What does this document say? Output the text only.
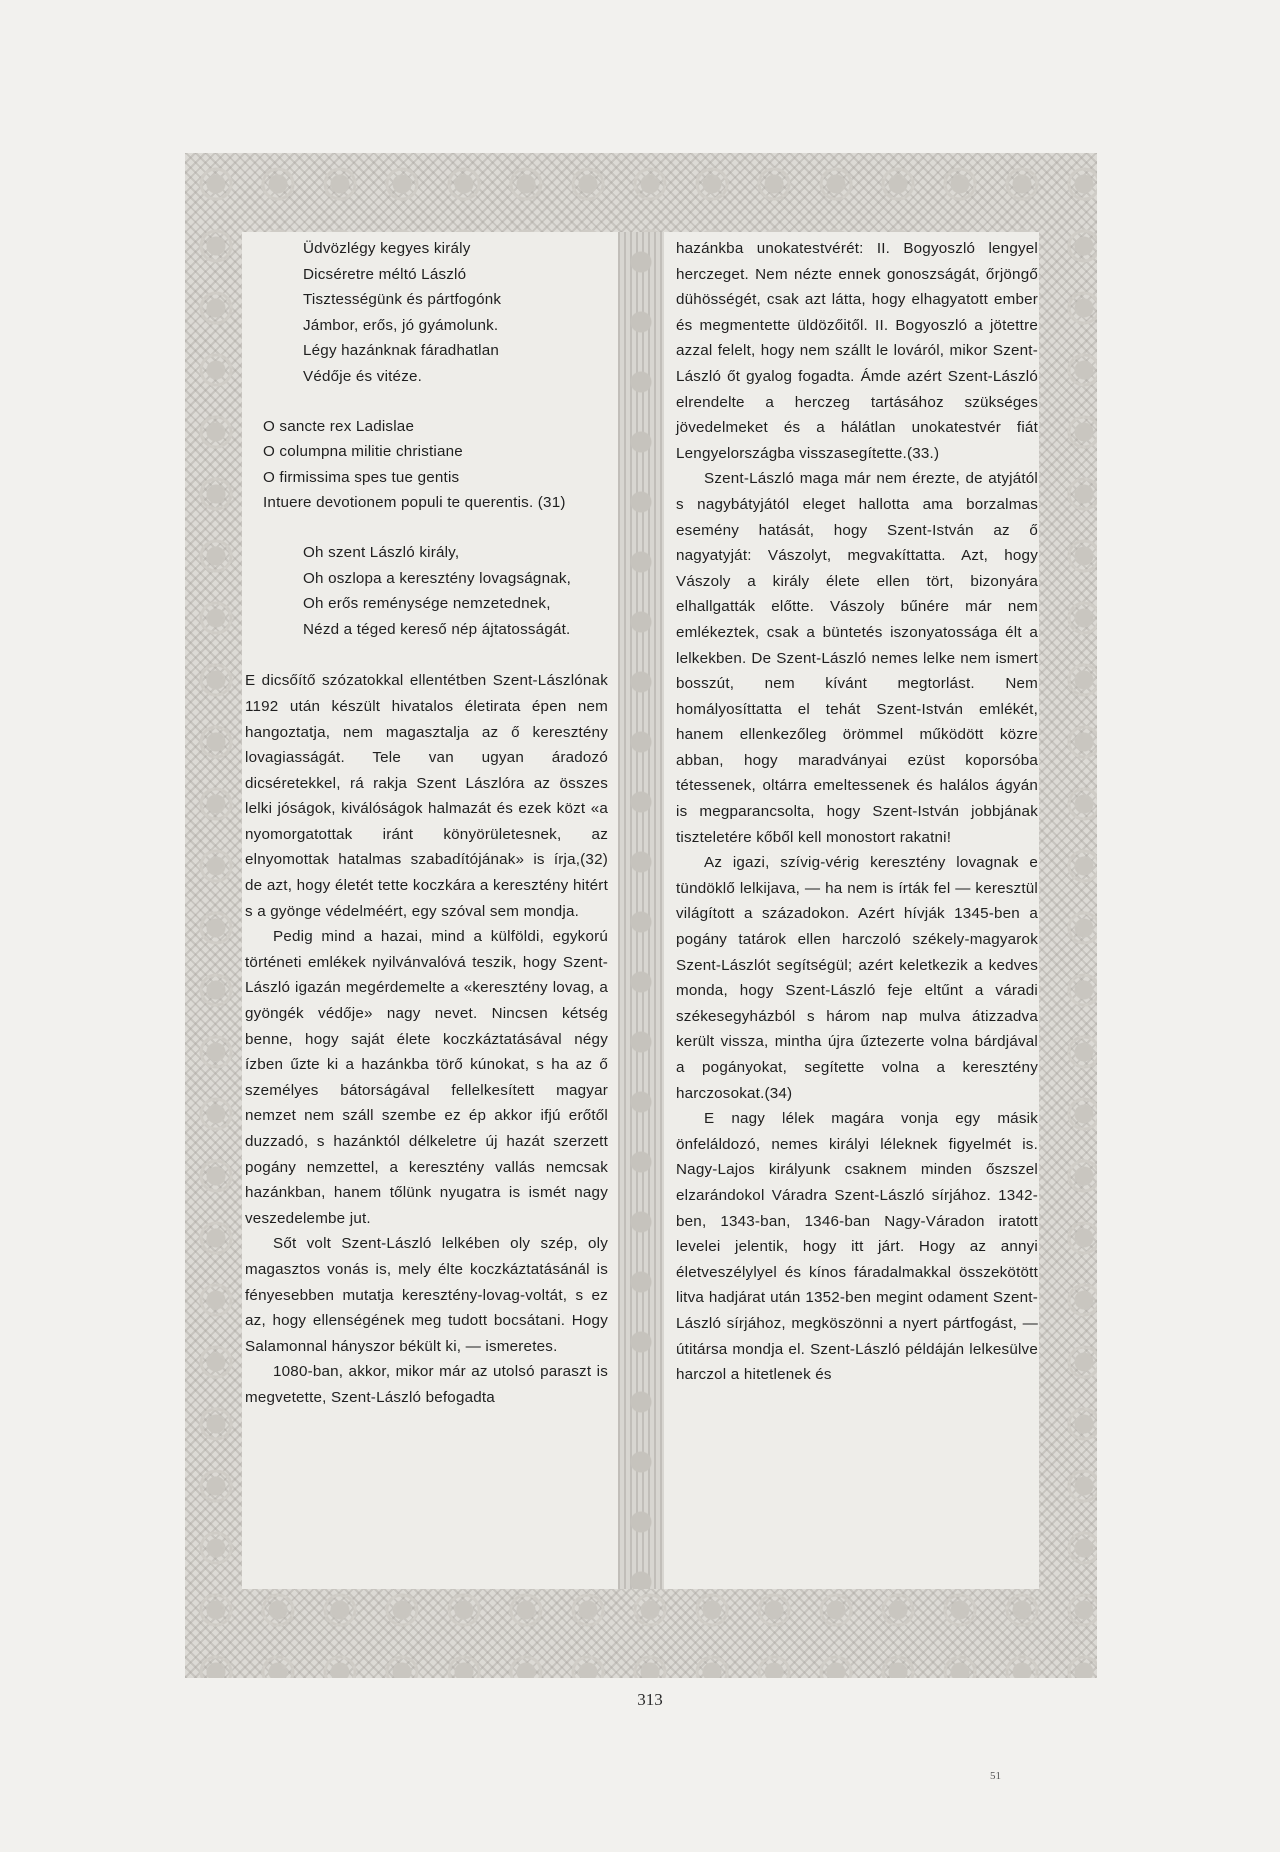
Üdvözlégy kegyes király
Dicséretre méltó László
Tisztességünk és pártfogónk
Jámbor, erős, jó gyámolunk.
Légy hazánknak fáradhatlan
Védője és vitéze.
O sancte rex Ladislae
O columpna militie christiane
O firmissima spes tue gentis
Intuere devotionem populi te querentis. (31)
Oh szent László király,
Oh oszlopa a keresztény lovagságnak,
Oh erős reménysége nemzetednek,
Nézd a téged kereső nép ájtatosságát.

E dicsőítő szózatokkal ellentétben Szent-Lászlónak 1192 után készült hivatalos életirata épen nem hangoztatja, nem magasztalja az ő keresztény lovagiasságát. Tele van ugyan áradozó dicséretekkel, rá rakja Szent Lászlóra az összes lelki jóságok, kiválóságok halmazát és ezek közt «a nyomorgatottak iránt könyörületesnek, az elnyomottak hatalmas szabadítójának» is írja,(32) de azt, hogy életét tette koczkára a keresztény hitért s a gyönge védelméért, egy szóval sem mondja.

Pedig mind a hazai, mind a külföldi, egykorú történeti emlékek nyilvánvalóvá teszik, hogy Szent-László igazán megérdemelte a «keresztény lovag, a gyöngék védője» nagy nevet. Nincsen kétség benne, hogy saját élete koczkáztatásával négy ízben űzte ki a hazánkba törő kúnokat, s ha az ő személyes bátorságával fellelkesített magyar nemzet nem száll szembe ez ép akkor ifjú erőtől duzzadó, s hazánktól délkeletre új hazát szerzett pogány nemzettel, a keresztény vallás nemcsak hazánkban, hanem tőlünk nyugatra is ismét nagy veszedelembe jut.

Sőt volt Szent-László lelkében oly szép, oly magasztos vonás is, mely élte koczkáztatásánál is fényesebben mutatja keresztény-lovag-voltát, s ez az, hogy ellenségének meg tudott bocsátani. Hogy Salamonnal hányszor békült ki, — ismeretes.

1080-ban, akkor, mikor már az utolsó paraszt is megvetette, Szent-László befogadta

hazánkba unokatestvérét: II. Bogyoszló lengyel herczeget. Nem nézte ennek gonoszságát, őrjöngő dühösségét, csak azt látta, hogy elhagyatott ember és megmentette üldözőitől. II. Bogyoszló a jötettre azzal felelt, hogy nem szállt le lováról, mikor Szent-László őt gyalog fogadta. Ámde azért Szent-László elrendelte a herczeg tartásához szükséges jövedelmeket és a hálátlan unokatestvér fiát Lengyelországba visszasegítette.(33.)

Szent-László maga már nem érezte, de atyjától s nagybátyjától eleget hallotta ama borzalmas esemény hatását, hogy Szent-István az ő nagyatyját: Vászolyt, megvakíttatta. Azt, hogy Vászoly a király élete ellen tört, bizonyára elhallgatták előtte. Vászoly bűnére már nem emlékeztek, csak a büntetés iszonyatossága élt a lelkekben. De Szent-László nemes lelke nem ismert bosszút, nem kívánt megtorlást. Nem homályosíttatta el tehát Szent-István emlékét, hanem ellenkezőleg örömmel működött közre abban, hogy maradványai ezüst koporsóba tétessenek, oltárra emeltessenek és halálos ágyán is megparancsolta, hogy Szent-István jobbjának tiszteletére kőből kell monostort rakatni!

Az igazi, szívig-vérig keresztény lovagnak e tündöklő lelkijava, — ha nem is írták fel — keresztül világított a századokon. Azért hívják 1345-ben a pogány tatárok ellen harczoló székely-magyarok Szent-Lászlót segítségül; azért keletkezik a kedves monda, hogy Szent-László feje eltűnt a váradi székesegyházból s három nap mulva átizzadva került vissza, mintha újra űztezerte volna bárdjával a pogányokat, segítette volna a keresztény harczosokat.(34)

E nagy lélek magára vonja egy másik önfeláldozó, nemes királyi léleknek figyelmét is. Nagy-Lajos királyunk csaknem minden őszszel elzarándokol Váradra Szent-László sírjához. 1342-ben, 1343-ban, 1346-ban Nagy-Váradon iratott levelei jelentik, hogy itt járt. Hogy az annyi életveszélylyel és kínos fáradalmakkal összekötött litva hadjárat után 1352-ben megint odament Szent-László sírjához, megköszönni a nyert pártfogást, — útitársa mondja el. Szent-László példáján lelkesülve harczol a hitetlenek és

313
51
